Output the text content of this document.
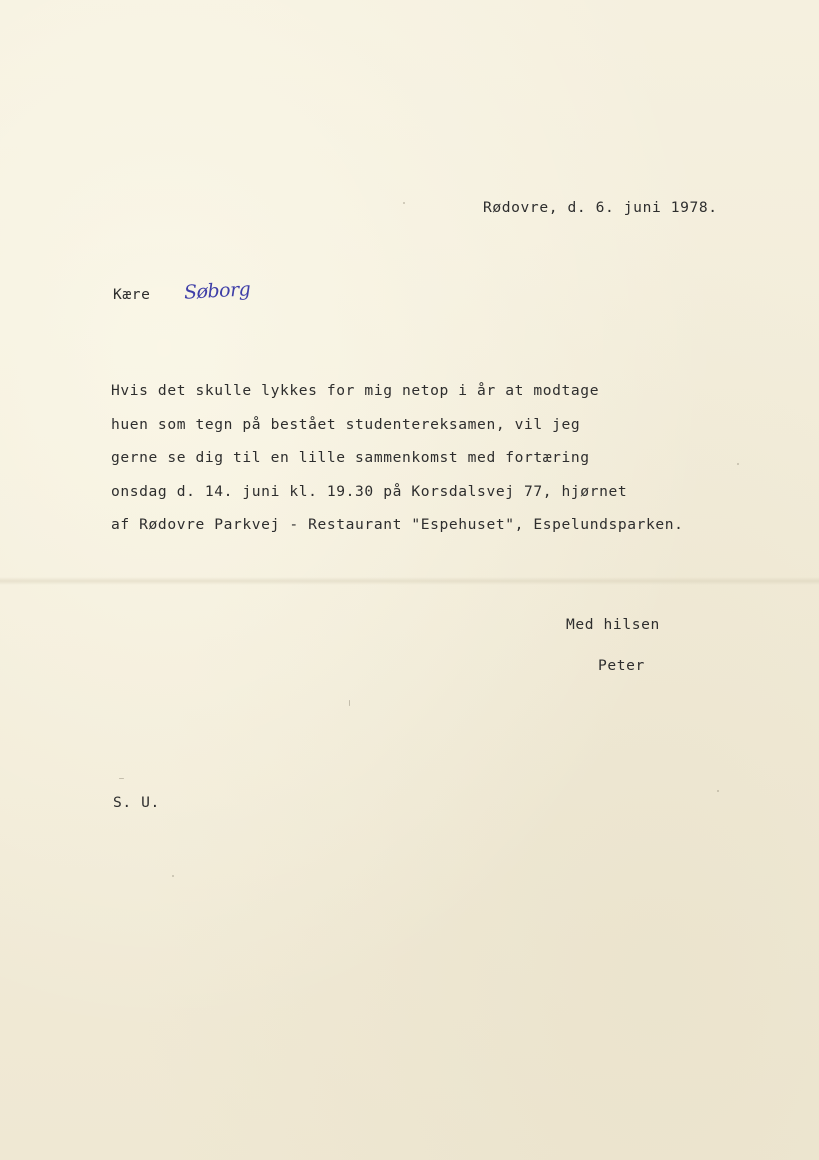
Rødovre, d. 6. juni 1978.
Kære Søborg
Hvis det skulle lykkes for mig netop i år at modtage
huen som tegn på bestået studentereksamen, vil jeg
gerne se dig til en lille sammenkomst med fortæring
onsdag d. 14. juni kl. 19.30 på Korsdalsvej 77, hjørnet
af Rødovre Parkvej - Restaurant "Espehuset", Espelundsparken.
Med hilsen
Peter
S. U.
